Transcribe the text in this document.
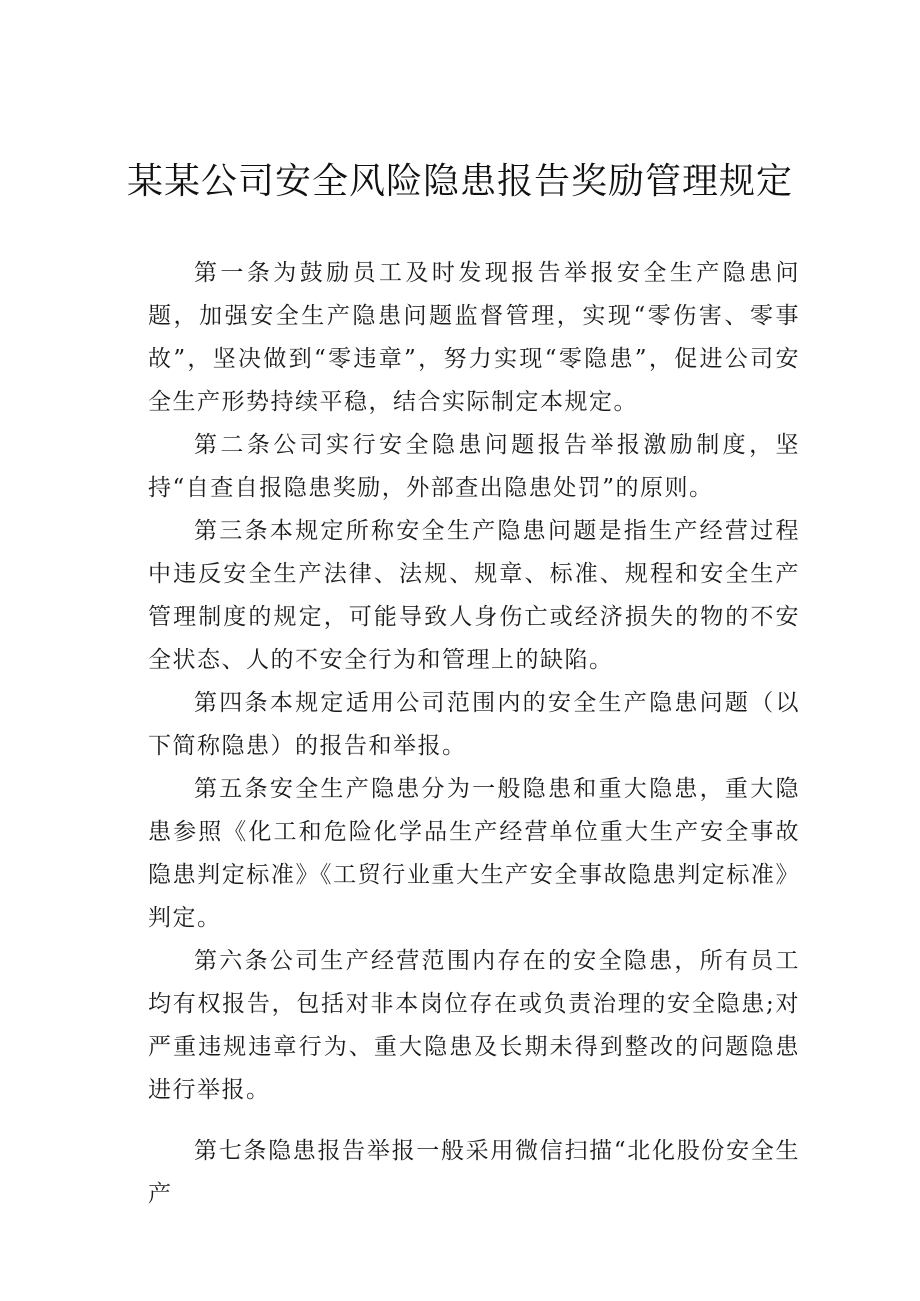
某某公司安全风险隐患报告奖励管理规定

第一条为鼓励员工及时发现报告举报安全生产隐患问题，加强安全生产隐患问题监督管理，实现“零伤害、零事故”，坚决做到“零违章”，努力实现“零隐患”，促进公司安全生产形势持续平稳，结合实际制定本规定。

第二条公司实行安全隐患问题报告举报激励制度，坚持“自查自报隐患奖励，外部查出隐患处罚”的原则。

第三条本规定所称安全生产隐患问题是指生产经营过程中违反安全生产法律、法规、规章、标准、规程和安全生产管理制度的规定，可能导致人身伤亡或经济损失的物的不安全状态、人的不安全行为和管理上的缺陷。

第四条本规定适用公司范围内的安全生产隐患问题（以下简称隐患）的报告和举报。

第五条安全生产隐患分为一般隐患和重大隐患，重大隐患参照《化工和危险化学品生产经营单位重大生产安全事故隐患判定标准》《工贸行业重大生产安全事故隐患判定标准》判定。

第六条公司生产经营范围内存在的安全隐患，所有员工均有权报告，包括对非本岗位存在或负责治理的安全隐患;对严重违规违章行为、重大隐患及长期未得到整改的问题隐患进行举报。

第七条隐患报告举报一般采用微信扫描“北化股份安全生产
